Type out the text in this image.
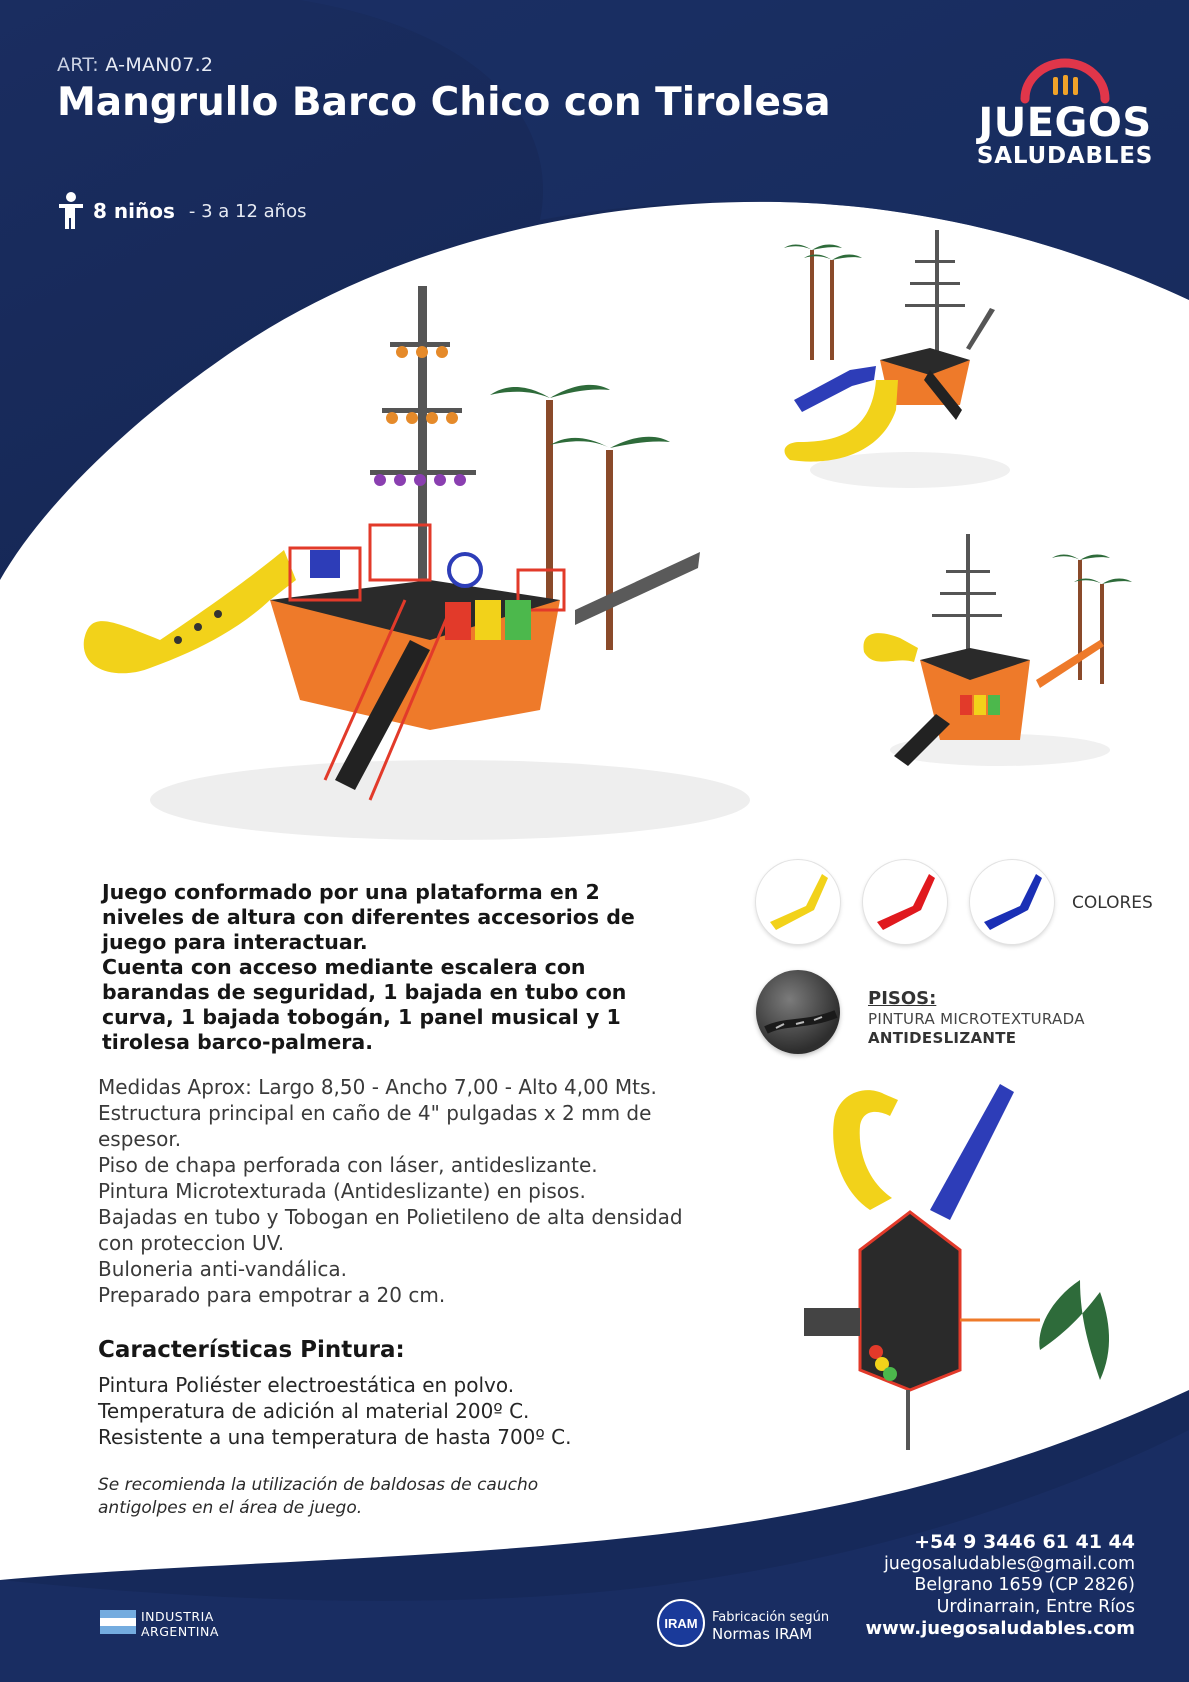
ART: A-MAN07.2
Mangrullo Barco Chico con Tirolesa
8 niños - 3 a 12 años
JUEGOS
SALUDABLES
Juego conformado por una plataforma en 2 niveles de altura con diferentes accesorios de juego para interactuar.
Cuenta con acceso mediante escalera con barandas de seguridad, 1 bajada en tubo con curva, 1 bajada tobogán, 1 panel musical y 1 tirolesa barco-palmera.
Medidas Aprox: Largo 8,50 - Ancho 7,00 - Alto 4,00 Mts.
Estructura principal en caño de 4" pulgadas x 2 mm de espesor.
Piso de chapa perforada con láser, antideslizante.
Pintura Microtexturada (Antideslizante) en pisos.
Bajadas en tubo y Tobogan en Polietileno de alta densidad con proteccion UV.
Buloneria anti-vandálica.
Preparado para empotrar a 20 cm.
Características Pintura:
Pintura Poliéster electroestática en polvo.
Temperatura de adición al material 200º C.
Resistente a una temperatura de hasta 700º C.
Se recomienda la utilización de baldosas de caucho antigolpes en el área de juego.
COLORES
PISOS:
PINTURA MICROTEXTURADA
ANTIDESLIZANTE
+54 9 3446 61 41 44
juegosaludables@gmail.com
Belgrano 1659 (CP 2826)
Urdinarrain, Entre Ríos
www.juegosaludables.com
INDUSTRIA
ARGENTINA
IRAM Fabricación según
Normas IRAM
